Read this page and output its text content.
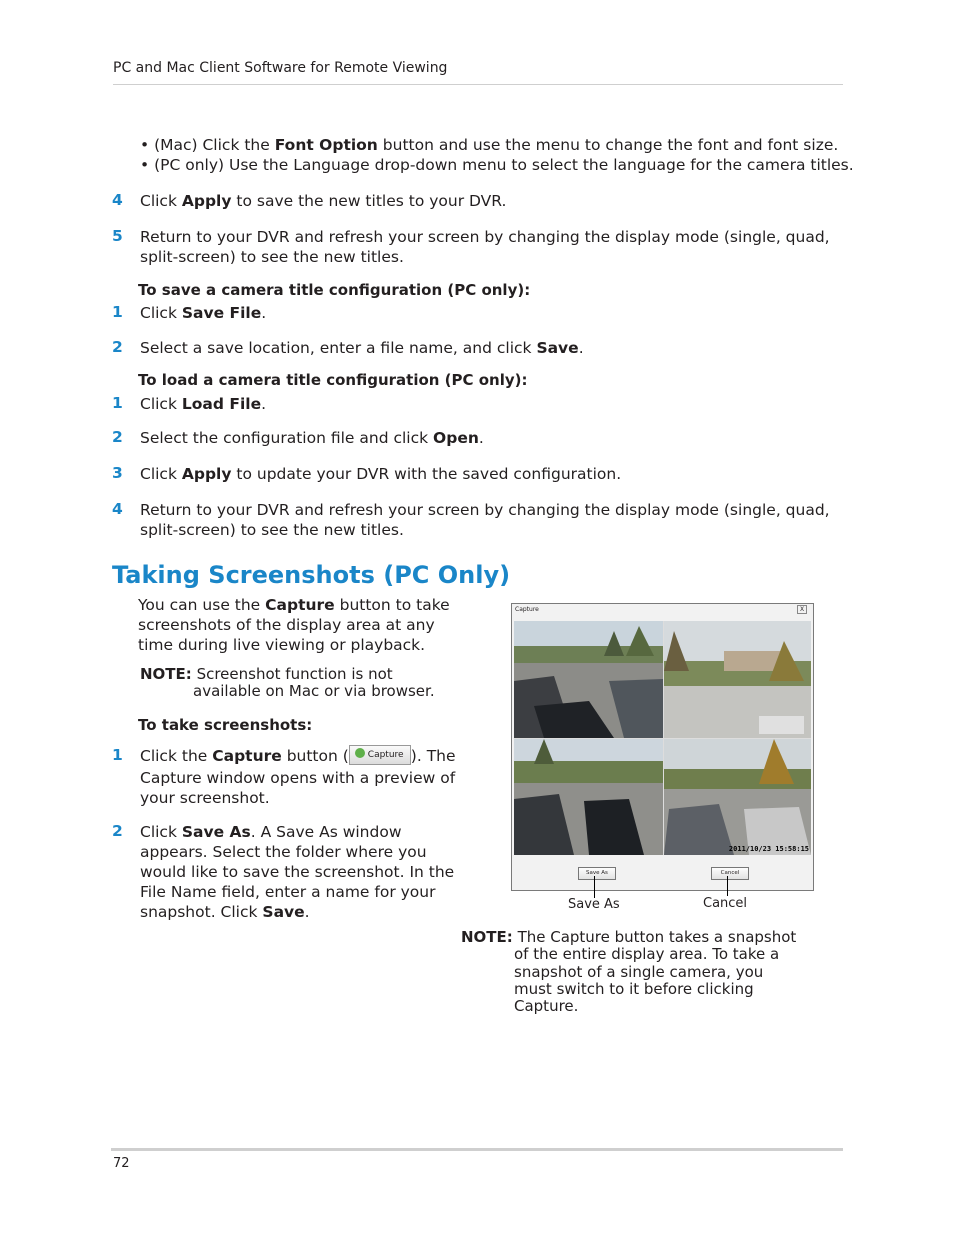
PC and Mac Client Software for Remote Viewing
• (Mac) Click the Font Option button and use the menu to change the font and font size.
• (PC only) Use the Language drop-down menu to select the language for the camera titles.
4 Click Apply to save the new titles to your DVR.
5 Return to your DVR and refresh your screen by changing the display mode (single, quad,
split-screen) to see the new titles.
To save a camera title configuration (PC only):
1 Click Save File.
2 Select a save location, enter a file name, and click Save.
To load a camera title configuration (PC only):
1 Click Load File.
2 Select the configuration file and click Open.
3 Click Apply to update your DVR with the saved configuration.
4 Return to your DVR and refresh your screen by changing the display mode (single, quad,
split-screen) to see the new titles.
Taking Screenshots (PC Only)
You can use the Capture button to take
screenshots of the display area at any
time during live viewing or playback.
NOTE: Screenshot function is not
available on Mac or via browser.
To take screenshots:
1 Click the Capture button ( Capture ). The
Capture window opens with a preview of
your screenshot.
2 Click Save As. A Save As window
appears. Select the folder where you
would like to save the screenshot. In the
File Name field, enter a name for your
snapshot. Click Save.
Capture	X
2011/10/23 15:58:15
Save As	Cancel
Save As	Cancel
NOTE: The Capture button takes a snapshot
of the entire display area. To take a
snapshot of a single camera, you
must switch to it before clicking
Capture.
72
